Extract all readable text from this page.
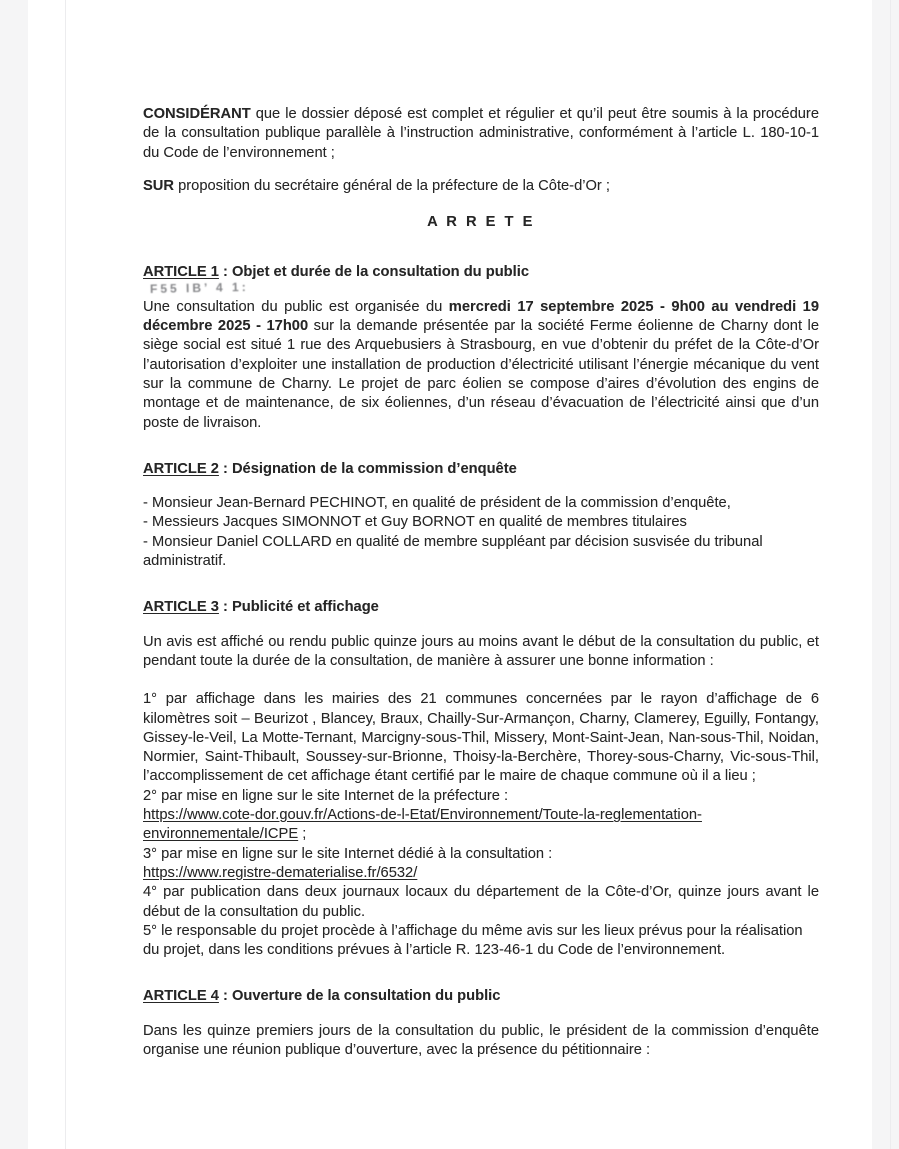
CONSIDÉRANT que le dossier déposé est complet et régulier et qu’il peut être soumis à la procédure de la consultation publique parallèle à l’instruction administrative, conformément à l’article L. 180-10-1 du Code de l’environnement ;

SUR proposition du secrétaire général de la préfecture de la Côte-d’Or ;

A R R E T E

ARTICLE 1 : Objet et durée de la consultation du public
F55 IB’ 4 1:

Une consultation du public est organisée du mercredi 17 septembre 2025 - 9h00 au vendredi 19 décembre 2025 - 17h00 sur la demande présentée par la société Ferme éolienne de Charny dont le siège social est situé 1 rue des Arquebusiers à Strasbourg, en vue d’obtenir du préfet de la Côte-d’Or l’autorisation d’exploiter une installation de production d’électricité utilisant l’énergie mécanique du vent sur la commune de Charny. Le projet de parc éolien se compose d’aires d’évolution des engins de montage et de maintenance, de six éoliennes, d’un réseau d’évacuation de l’électricité ainsi que d’un poste de livraison.

ARTICLE 2 : Désignation de la commission d’enquête

- Monsieur Jean-Bernard PECHINOT, en qualité de président de la commission d’enquête,
- Messieurs Jacques SIMONNOT et Guy BORNOT en qualité de membres titulaires
- Monsieur Daniel COLLARD en qualité de membre suppléant par décision susvisée du tribunal administratif.

ARTICLE 3 : Publicité et affichage

Un avis est affiché ou rendu public quinze jours au moins avant le début de la consultation du public, et pendant toute la durée de la consultation, de manière à assurer une bonne information :

1° par affichage dans les mairies des 21 communes concernées par le rayon d’affichage de 6 kilomètres soit – Beurizot , Blancey, Braux, Chailly-Sur-Armançon, Charny, Clamerey, Eguilly, Fontangy, Gissey-le-Veil, La Motte-Ternant, Marcigny-sous-Thil, Missery, Mont-Saint-Jean, Nan-sous-Thil, Noidan, Normier, Saint-Thibault, Soussey-sur-Brionne, Thoisy-la-Berchère, Thorey-sous-Charny, Vic-sous-Thil, l’accomplissement de cet affichage étant certifié par le maire de chaque commune où il a lieu ;
2° par mise en ligne sur le site Internet de la préfecture :
https://www.cote-dor.gouv.fr/Actions-de-l-Etat/Environnement/Toute-la-reglementation-environnementale/ICPE ;
3° par mise en ligne sur le site Internet dédié à la consultation :
https://www.registre-dematerialise.fr/6532/
4° par publication dans deux journaux locaux du département de la Côte-d’Or, quinze jours avant le début de la consultation du public.
5° le responsable du projet procède à l’affichage du même avis sur les lieux prévus pour la réalisation du projet, dans les conditions prévues à l’article R. 123-46-1 du Code de l’environnement.

ARTICLE 4 : Ouverture de la consultation du public

Dans les quinze premiers jours de la consultation du public, le président de la commission d’enquête organise une réunion publique d’ouverture, avec la présence du pétitionnaire :
